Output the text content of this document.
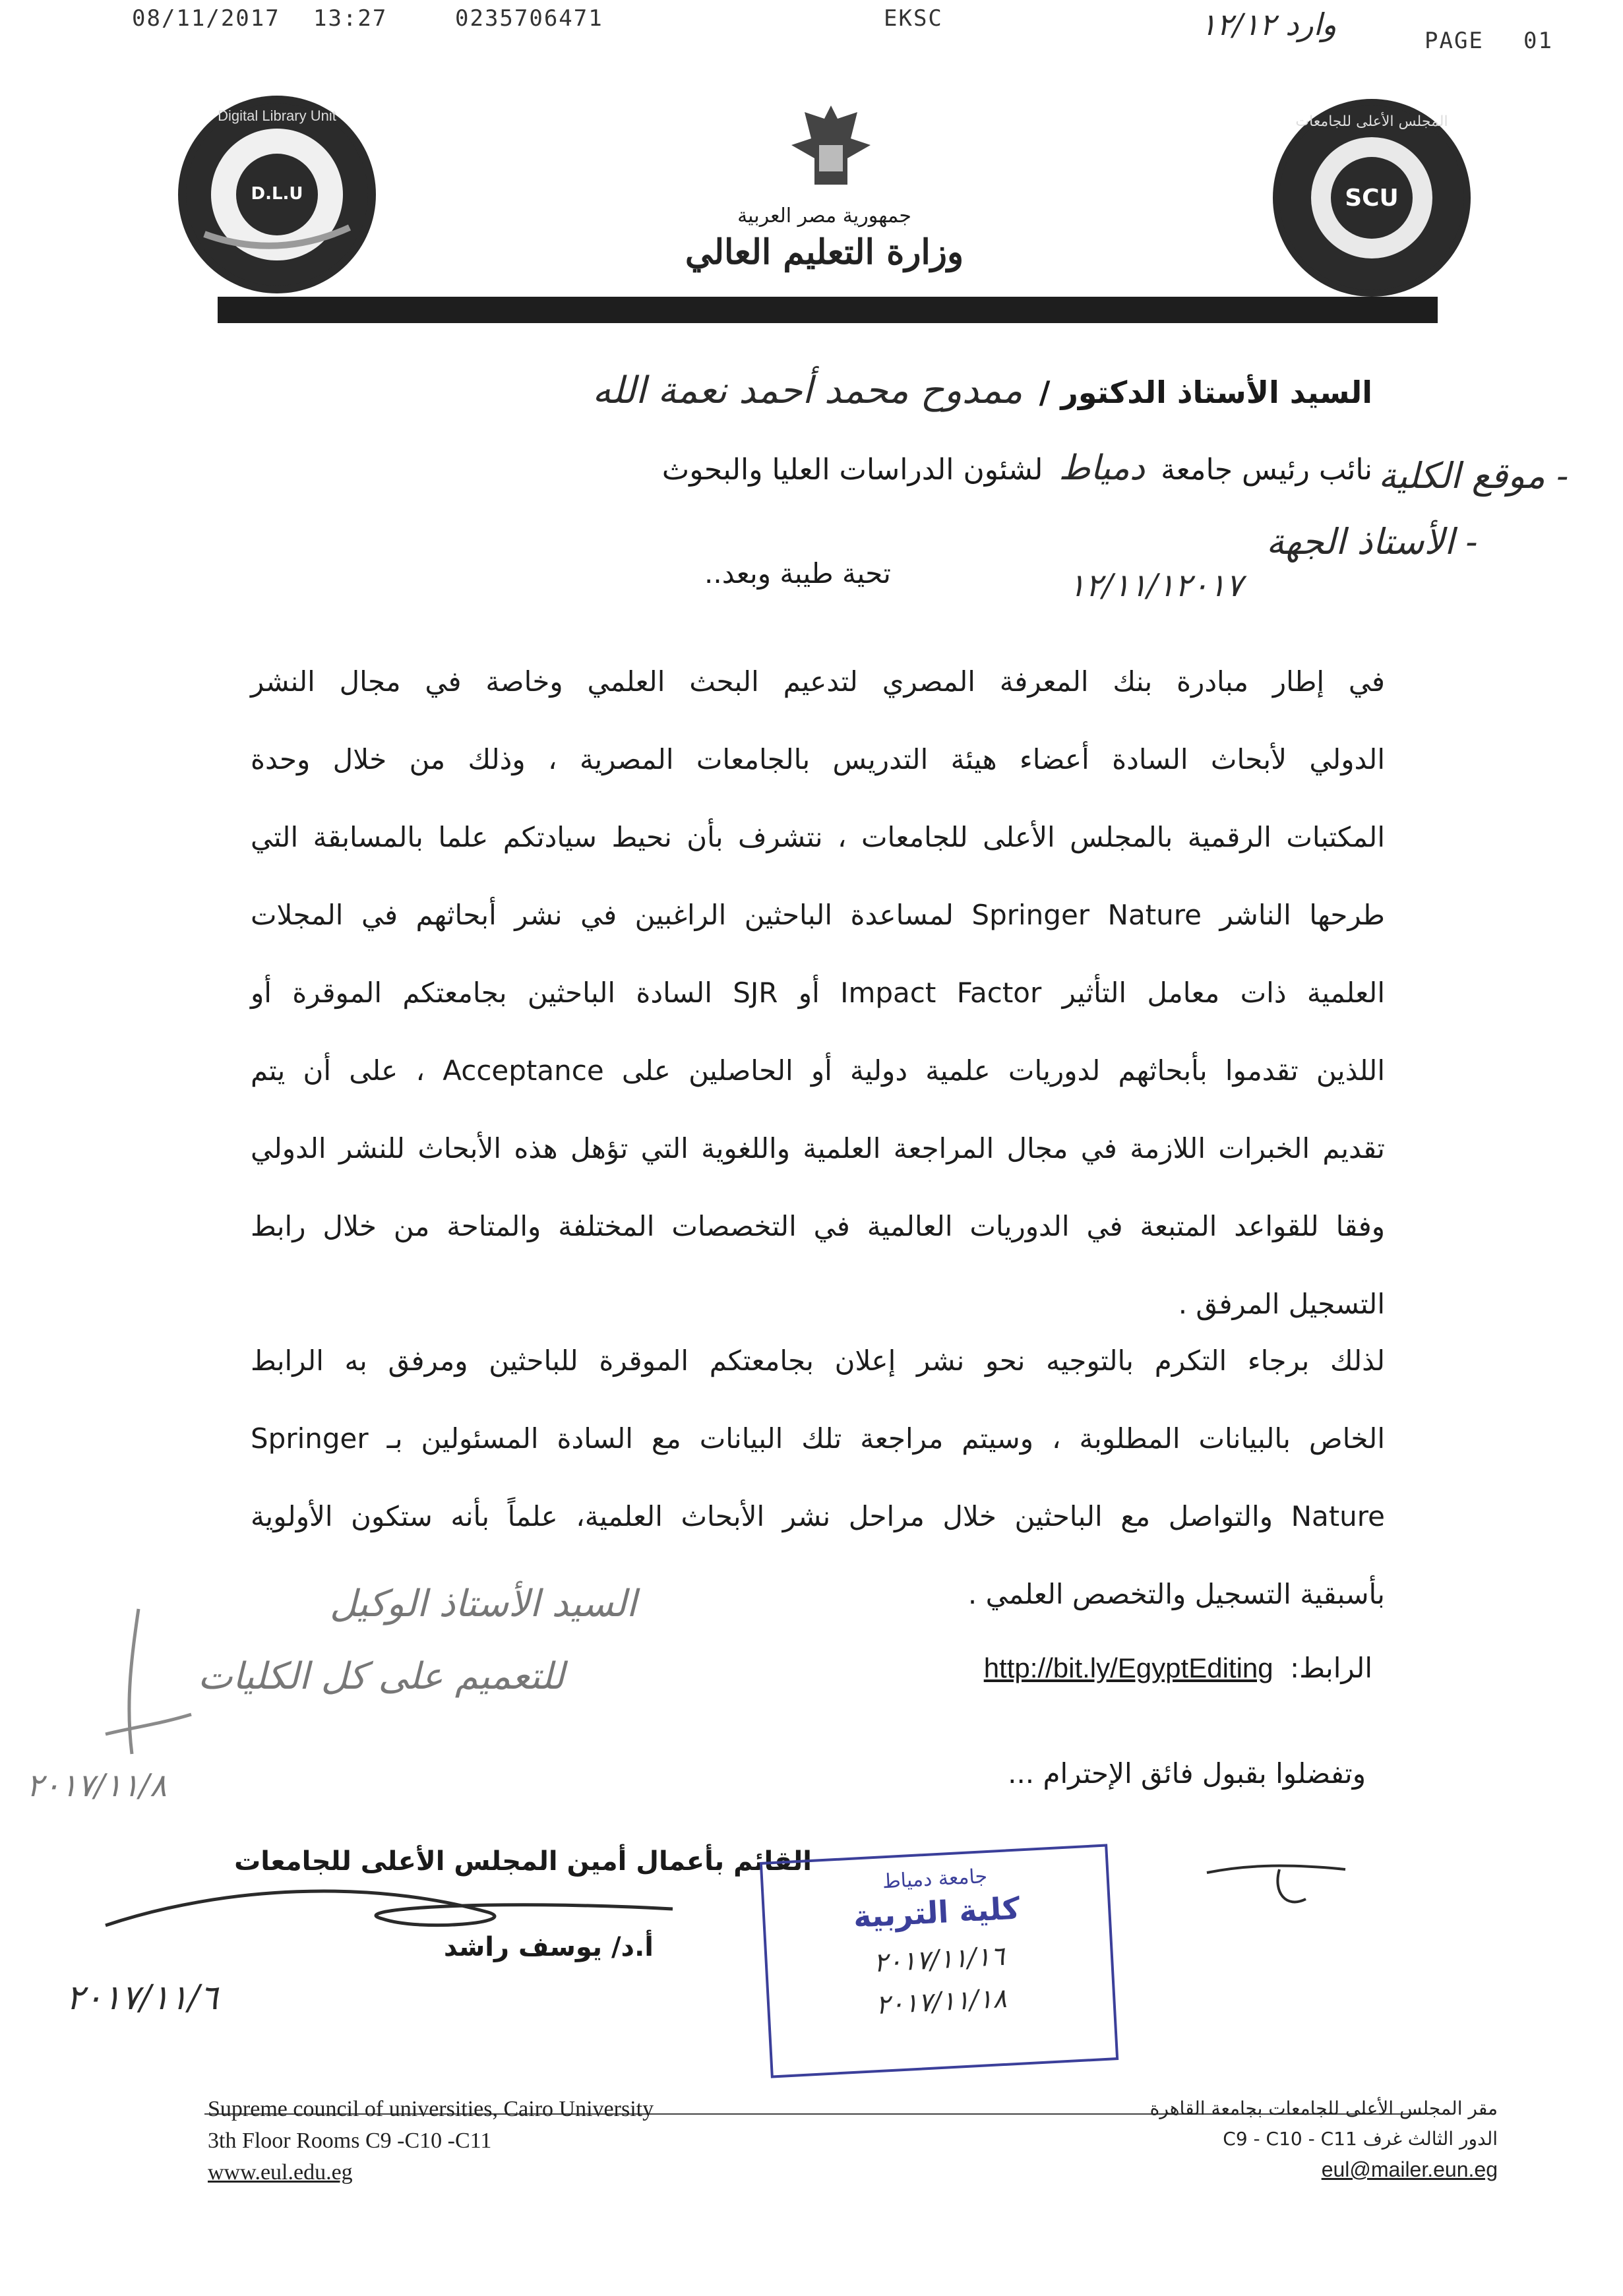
08/11/2017 13:27	0235706471	EKSC	وارد ١٢/١٢	PAGE 01
Digital Library Unit
D.L.U
جمهورية مصر العربية
وزارة التعليم العالي
المجلس الأعلى للجامعات
SCU
السيد الأستاذ الدكتور / ممدوح محمد أحمد نعمة الله
نائب رئيس جامعة دمياط لشئون الدراسات العليا والبحوث	- موقع الكلية
- الأستاذ الجهة
١٢/١١/١٢٠١٧
تحية طيبة وبعد..
في إطار مبادرة بنك المعرفة المصري لتدعيم البحث العلمي وخاصة في مجال النشر
الدولي لأبحاث السادة أعضاء هيئة التدريس بالجامعات المصرية ، وذلك من خلال وحدة
المكتبات الرقمية بالمجلس الأعلى للجامعات ، نتشرف بأن نحيط سيادتكم علما بالمسابقة التي
طرحها الناشر Springer Nature لمساعدة الباحثين الراغبين في نشر أبحاثهم في المجلات
العلمية ذات معامل التأثير Impact Factor أو SJR السادة الباحثين بجامعتكم الموقرة أو
اللذين تقدموا بأبحاثهم لدوريات علمية دولية أو الحاصلين على Acceptance ، على أن يتم
تقديم الخبرات اللازمة في مجال المراجعة العلمية واللغوية التي تؤهل هذه الأبحاث للنشر الدولي
وفقا للقواعد المتبعة في الدوريات العالمية في التخصصات المختلفة والمتاحة من خلال رابط
التسجيل المرفق .
لذلك برجاء التكرم بالتوجيه نحو نشر إعلان بجامعتكم الموقرة للباحثين ومرفق به الرابط
الخاص بالبيانات المطلوبة ، وسيتم مراجعة تلك البيانات مع السادة المسئولين بـ Springer
Nature والتواصل مع الباحثين خلال مراحل نشر الأبحاث العلمية، علماً بأنه ستكون الأولوية
بأسبقية التسجيل والتخصص العلمي .
الرابط: http://bit.ly/EgyptEditing
وتفضلوا بقبول فائق الإحترام ...
السيد الأستاذ الوكيل
للتعميم على كل الكليات
٢٠١٧/١١/٨
القائم بأعمال أمين المجلس الأعلى للجامعات
أ.د/ يوسف راشد
٢٠١٧/١١/٦
جامعة دمياط
كلية التربية
٢٠١٧/١١/١٦
٢٠١٧/١١/١٨
Supreme council of universities, Cairo University
3th Floor Rooms C9 -C10 -C11
www.eul.edu.eg
مقر المجلس الأعلى للجامعات بجامعة القاهرة
الدور الثالث غرف C9 - C10 - C11
eul@mailer.eun.eg
